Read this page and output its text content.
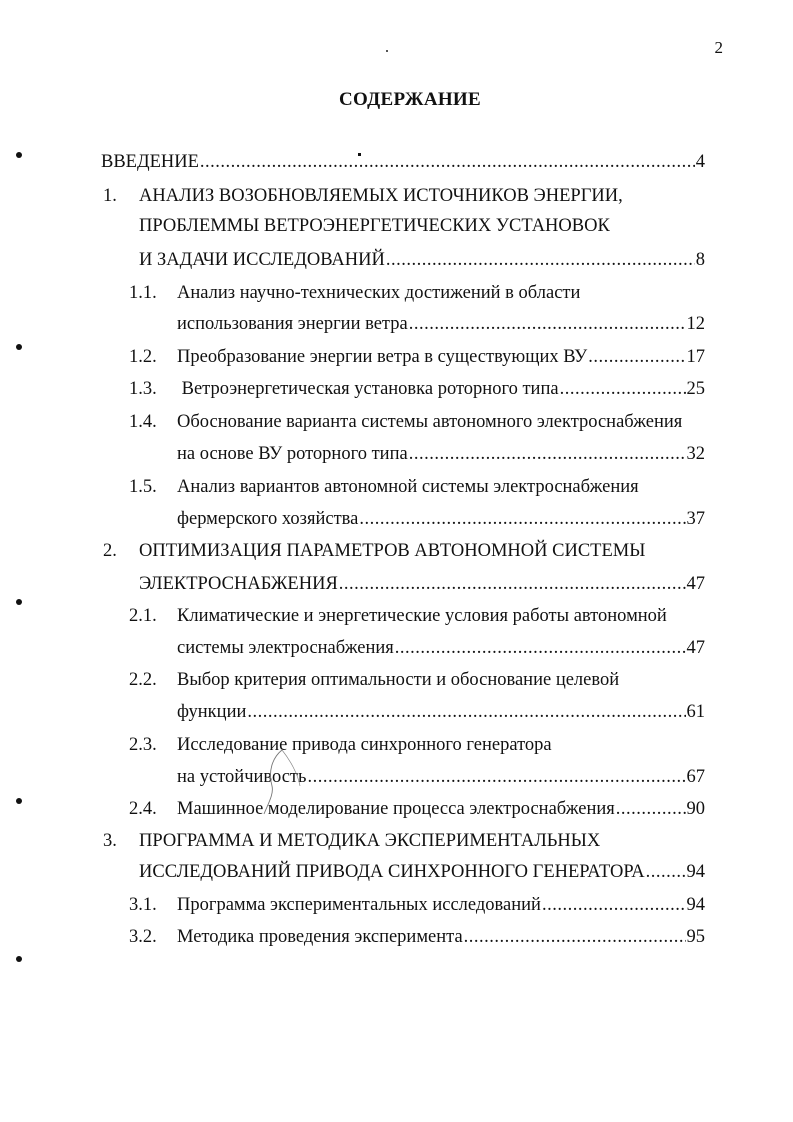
2
СОДЕРЖАНИЕ
ВВЕДЕНИЕ .....	4
1. АНАЛИЗ ВОЗОБНОВЛЯЕМЫХ ИСТОЧНИКОВ ЭНЕРГИИ,
ПРОБЛЕММЫ ВЕТРОЭНЕРГЕТИЧЕСКИХ УСТАНОВОК
И ЗАДАЧИ ИССЛЕДОВАНИЙ .....	8
1.1. Анализ научно-технических достижений в области
использования энергии ветра .....	12
1.2. Преобразование энергии ветра в существующих ВУ .....	17
1.3. Ветроэнергетическая установка роторного типа .....	25
1.4. Обоснование варианта системы автономного электроснабжения
на основе ВУ роторного типа .....	32
1.5. Анализ вариантов автономной системы электроснабжения
фермерского хозяйства .....	37
2. ОПТИМИЗАЦИЯ ПАРАМЕТРОВ АВТОНОМНОЙ СИСТЕМЫ
ЭЛЕКТРОСНАБЖЕНИЯ .....	47
2.1. Климатические и энергетические условия работы автономной
системы электроснабжения .....	47
2.2. Выбор критерия оптимальности и обоснование целевой
функции .....	61
2.3. Исследование привода синхронного генератора
на устойчивость .....	67
2.4. Машинное моделирование процесса электроснабжения .....	90
3. ПРОГРАММА И МЕТОДИКА ЭКСПЕРИМЕНТАЛЬНЫХ
ИССЛЕДОВАНИЙ ПРИВОДА СИНХРОННОГО ГЕНЕРАТОРА ..... 94
3.1. Программа экспериментальных исследований .....	94
3.2. Методика проведения эксперимента .....	95
